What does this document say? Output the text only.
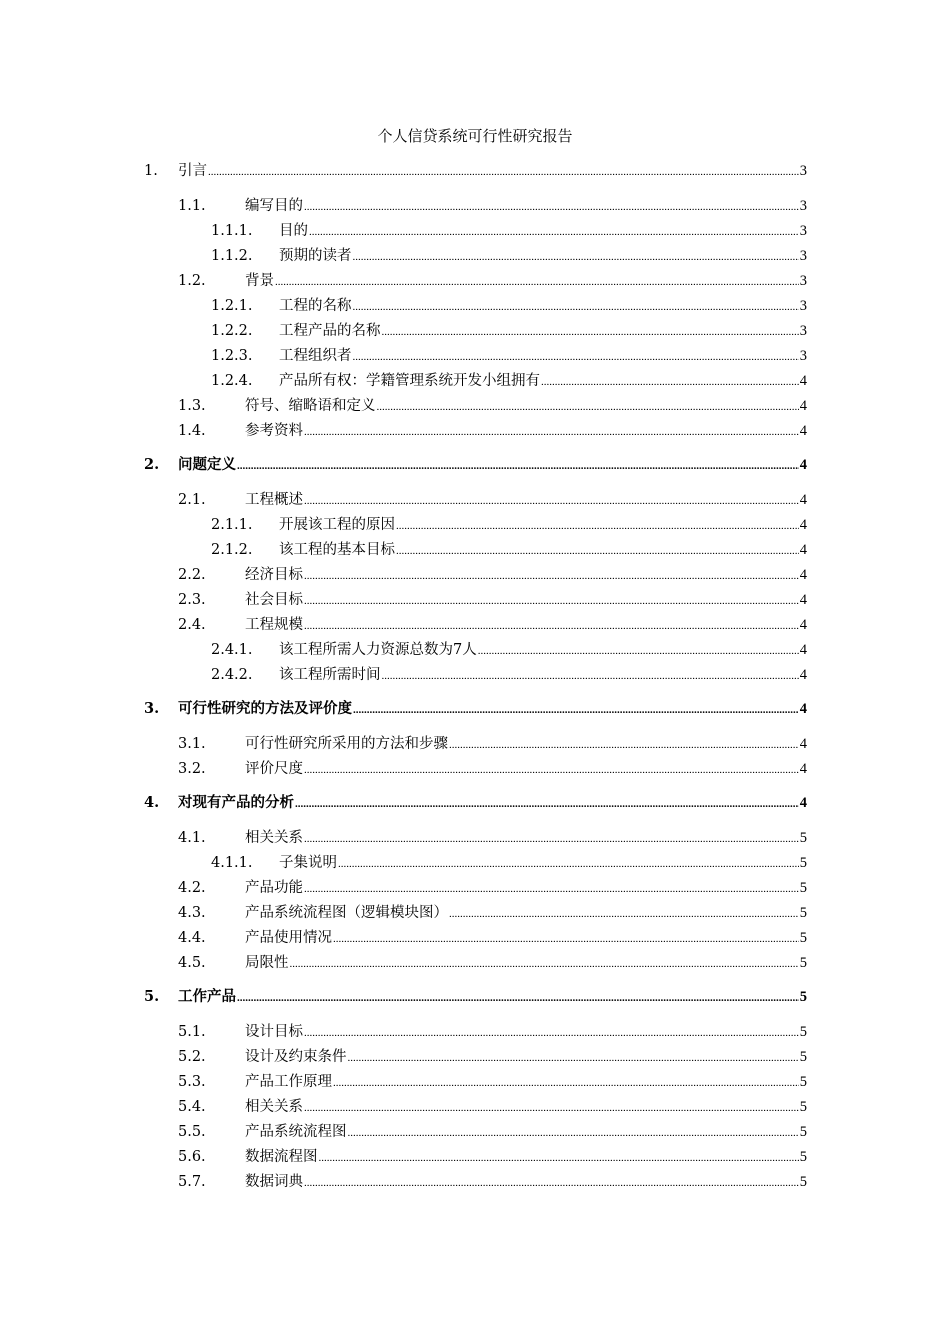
个人信贷系统可行性研究报告
1. 引言 .....	3
1.1.	编写目的 .....	3
1.1.1. 目的 .....	3
1.1.2. 预期的读者 .....	3
1.2.	背景 .....	3
1.2.1. 工程的名称 .....	3
1.2.2. 工程产品的名称 .....	3
1.2.3. 工程组织者 .....	3
1.2.4. 产品所有权：学籍管理系统开发小组拥有 .....	4
1.3.	符号、缩略语和定义 .....	4
1.4.	参考资料 .....	4
2. 问题定义 .....	4
2.1.	工程概述 .....	4
2.1.1. 开展该工程的原因 .....	4
2.1.2. 该工程的基本目标 .....	4
2.2.	经济目标 .....	4
2.3.	社会目标 .....	4
2.4.	工程规模 .....	4
2.4.1. 该工程所需人力资源总数为7人 .....	4
2.4.2. 该工程所需时间 .....	4
3. 可行性研究的方法及评价度 .....	4
3.1.	可行性研究所采用的方法和步骤 .....	4
3.2.	评价尺度 .....	4
4. 对现有产品的分析 .....	4
4.1.	相关关系 .....	5
4.1.1. 子集说明 .....	5
4.2.	产品功能 .....	5
4.3.	产品系统流程图（逻辑模块图） .....	5
4.4.	产品使用情况 .....	5
4.5.	局限性 .....	5
5. 工作产品 .....	5
5.1.	设计目标 .....	5
5.2.	设计及约束条件 .....	5
5.3.	产品工作原理 .....	5
5.4.	相关关系 .....	5
5.5.	产品系统流程图 .....	5
5.6.	数据流程图 .....	5
5.7.	数据词典 .....	5
